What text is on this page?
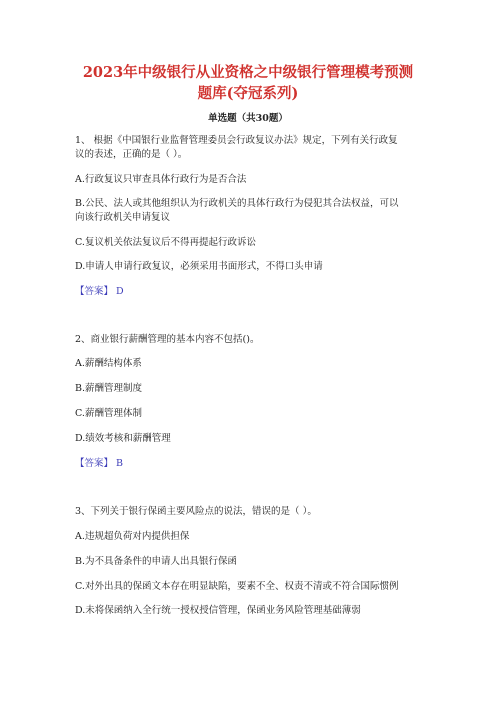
2023年中级银行从业资格之中级银行管理模考预测
题库(夺冠系列)
单选题（共30题）
1、 根据《中国银行业监督管理委员会行政复议办法》规定，下列有关行政复
议的表述，正确的是（ ）。
A.行政复议只审查具体行政行为是否合法
B.公民、法人或其他组织认为行政机关的具体行政行为侵犯其合法权益，可以
向该行政机关申请复议
C.复议机关依法复议后不得再提起行政诉讼
D.申请人申请行政复议，必须采用书面形式，不得口头申请
【答案】 D
2、商业银行薪酬管理的基本内容不包括()。
A.薪酬结构体系
B.薪酬管理制度
C.薪酬管理体制
D.绩效考核和薪酬管理
【答案】 B
3、下列关于银行保函主要风险点的说法，错误的是（ ）。
A.违规超负荷对内提供担保
B.为不具备条件的申请人出具银行保函
C.对外出具的保函文本存在明显缺陷，要素不全、权责不清或不符合国际惯例
D.未将保函纳入全行统一授权授信管理，保函业务风险管理基础薄弱
